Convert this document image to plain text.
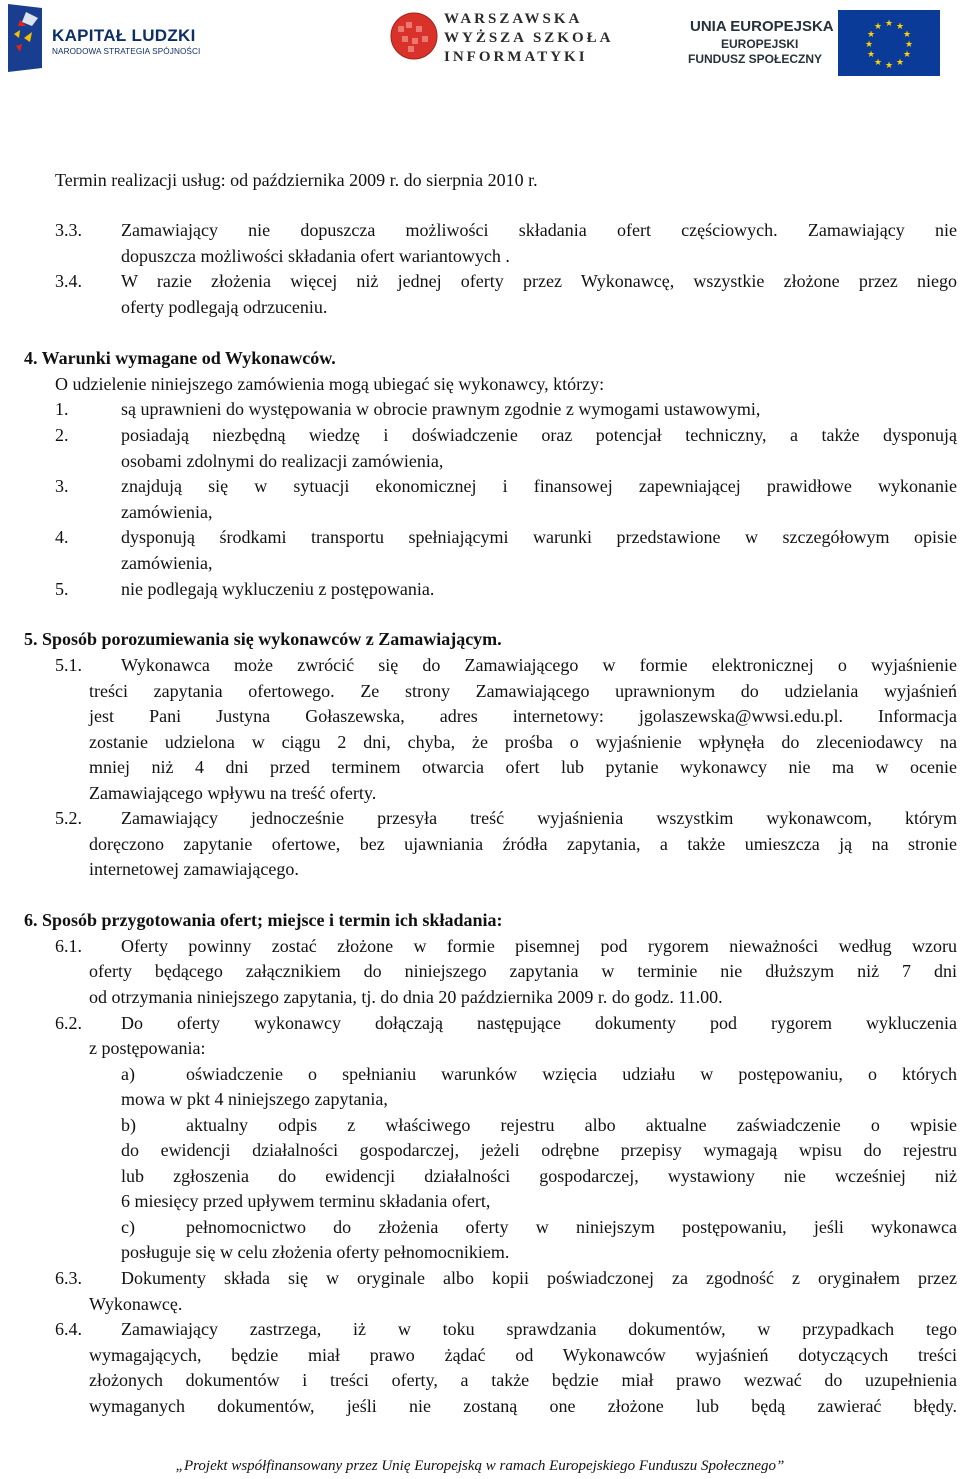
KAPITAŁ LUDZKI
NARODOWA STRATEGIA SPÓJNOŚCI
WARSZAWSKA
WYŻSZA SZKOŁA
INFORMATYKI
UNIA EUROPEJSKA
EUROPEJSKI
FUNDUSZ SPOŁECZNY
★ ★
★
★
★
★
★
★
★
★
★
★
Termin realizacji usług: od października 2009 r. do sierpnia 2010 r.
3.3. Zamawiający nie dopuszcza możliwości składania ofert częściowych. Zamawiający nie
dopuszcza możliwości składania ofert wariantowych .
3.4. W razie złożenia więcej niż jednej oferty przez Wykonawcę, wszystkie złożone przez niego
oferty podlegają odrzuceniu.
4. Warunki wymagane od Wykonawców.
O udzielenie niniejszego zamówienia mogą ubiegać się wykonawcy, którzy:
1.	są uprawnieni do występowania w obrocie prawnym zgodnie z wymogami ustawowymi,
2.	posiadają niezbędną wiedzę i doświadczenie oraz potencjał techniczny, a także dysponują
osobami zdolnymi do realizacji zamówienia,
3.	znajdują się w sytuacji ekonomicznej i finansowej zapewniającej prawidłowe wykonanie
zamówienia,
4.	dysponują środkami transportu spełniającymi warunki przedstawione w szczegółowym opisie
zamówienia,
5.	nie podlegają wykluczeniu z postępowania.
5. Sposób porozumiewania się wykonawców z Zamawiającym.
5.1. Wykonawca może zwrócić się do Zamawiającego w formie elektronicznej o wyjaśnienie
treści zapytania ofertowego. Ze strony Zamawiającego uprawnionym do udzielania wyjaśnień
jest Pani Justyna Gołaszewska, adres internetowy: jgolaszewska@wwsi.edu.pl. Informacja
zostanie udzielona w ciągu 2 dni, chyba, że prośba o wyjaśnienie wpłynęła do zleceniodawcy na
mniej niż 4 dni przed terminem otwarcia ofert lub pytanie wykonawcy nie ma w ocenie
Zamawiającego wpływu na treść oferty.
5.2. Zamawiający jednocześnie przesyła treść wyjaśnienia wszystkim wykonawcom, którym
doręczono zapytanie ofertowe, bez ujawniania źródła zapytania, a także umieszcza ją na stronie
internetowej zamawiającego.
6. Sposób przygotowania ofert; miejsce i termin ich składania:
6.1. Oferty powinny zostać złożone w formie pisemnej pod rygorem nieważności według wzoru
oferty będącego załącznikiem do niniejszego zapytania w terminie nie dłuższym niż 7 dni
od otrzymania niniejszego zapytania, tj. do dnia 20 października 2009 r. do godz. 11.00.
6.2. Do oferty wykonawcy dołączają następujące dokumenty pod rygorem wykluczenia
z postępowania:
a)	oświadczenie o spełnianiu warunków wzięcia udziału w postępowaniu, o których
mowa w pkt 4 niniejszego zapytania,
b)	aktualny odpis z właściwego rejestru albo aktualne zaświadczenie o wpisie
do ewidencji działalności gospodarczej, jeżeli odrębne przepisy wymagają wpisu do rejestru
lub zgłoszenia do ewidencji działalności gospodarczej, wystawiony nie wcześniej niż
6 miesięcy przed upływem terminu składania ofert,
c)	pełnomocnictwo do złożenia oferty w niniejszym postępowaniu, jeśli wykonawca
posługuje się w celu złożenia oferty pełnomocnikiem.
6.3. Dokumenty składa się w oryginale albo kopii poświadczonej za zgodność z oryginałem przez
Wykonawcę.
6.4. Zamawiający zastrzega, iż w toku sprawdzania dokumentów, w przypadkach tego
wymagających, będzie miał prawo żądać od Wykonawców wyjaśnień dotyczących treści
złożonych dokumentów i treści oferty, a także będzie miał prawo wezwać do uzupełnienia
wymaganych dokumentów, jeśli nie zostaną one złożone lub będą zawierać błędy.
„Projekt współfinansowany przez Unię Europejską w ramach Europejskiego Funduszu Społecznego”
